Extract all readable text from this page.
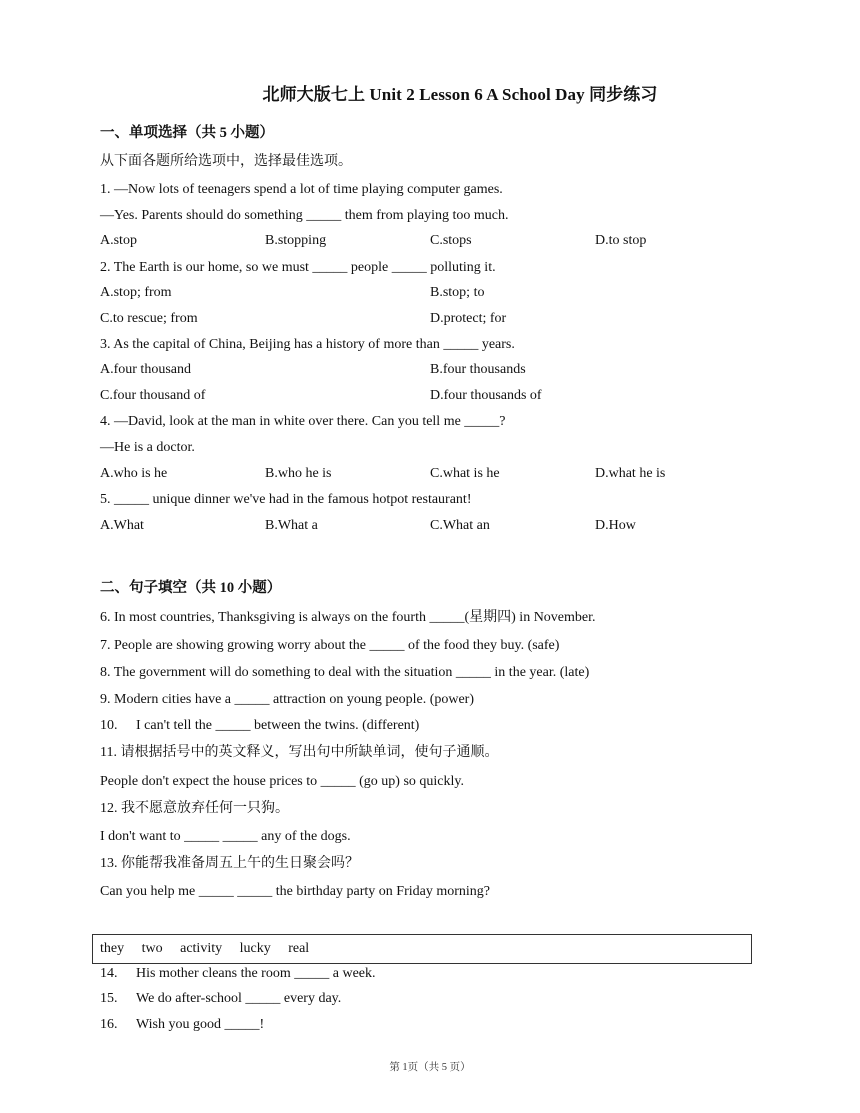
北师大版七上 Unit 2 Lesson 6 A School Day 同步练习
一、单项选择（共 5 小题）
从下面各题所给选项中，选择最佳选项。
1. —Now lots of teenagers spend a lot of time playing computer games.
—Yes. Parents should do something _____ them from playing too much.
A.stop	B.stopping	C.stops	D.to stop
2. The Earth is our home, so we must _____ people _____ polluting it.
A.stop; from	B.stop; to
C.to rescue; from	D.protect; for
3. As the capital of China, Beijing has a history of more than _____ years.
A.four thousand	B.four thousands
C.four thousand of	D.four thousands of
4. —David, look at the man in white over there. Can you tell me _____?
—He is a doctor.
A.who is he	B.who he is	C.what is he	D.what he is
5. _____ unique dinner we've had in the famous hotpot restaurant!
A.What	B.What a	C.What an	D.How
二、句子填空（共 10 小题）
6. In most countries, Thanksgiving is always on the fourth _____(星期四) in November.
7. People are showing growing worry about the _____ of the food they buy. (safe)
8. The government will do something to deal with the situation _____ in the year. (late)
9. Modern cities have a _____ attraction on young people. (power)
10. I can't tell the _____ between the twins. (different)
11. 请根据括号中的英文释义，写出句中所缺单词，使句子通顺。
People don't expect the house prices to _____ (go up) so quickly.
12. 我不愿意放弃任何一只狗。
I don't want to _____ _____ any of the dogs.
13. 你能帮我准备周五上午的生日聚会吗？
Can you help me _____ _____ the birthday party on Friday morning?
they two activity lucky real
14. His mother cleans the room _____ a week.
15. We do after-school _____ every day.
16. Wish you good _____!
第 1页（共 5 页）
